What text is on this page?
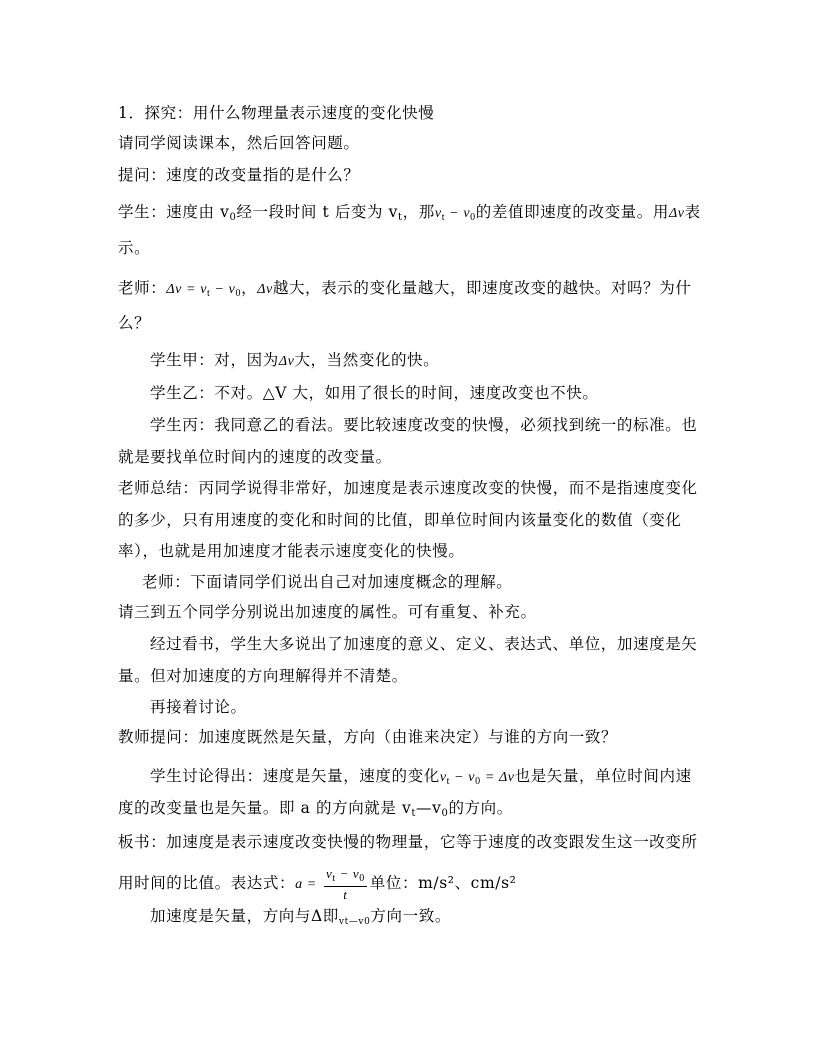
1．探究：用什么物理量表示速度的变化快慢
请同学阅读课本，然后回答问题。
提问：速度的改变量指的是什么？
学生：速度由 $v_0$经一段时间 t 后变为 $v_t$，那$v_t - v_0$的差值即速度的改变量。用Δv表
示。
老师：$\Delta v = v_t - v_0$，Δv越大，表示的变化量越大，即速度改变的越快。对吗？为什
么？
学生甲：对，因为Δv大，当然变化的快。
学生乙：不对。△V 大，如用了很长的时间，速度改变也不快。
学生丙：我同意乙的看法。要比较速度改变的快慢，必须找到统一的标准。也
就是要找单位时间内的速度的改变量。
老师总结：丙同学说得非常好，加速度是表示速度改变的快慢，而不是指速度变化
的多少，只有用速度的变化和时间的比值，即单位时间内该量变化的数值（变化
率），也就是用加速度才能表示速度变化的快慢。
老师：下面请同学们说出自己对加速度概念的理解。
请三到五个同学分别说出加速度的属性。可有重复、补充。
经过看书，学生大多说出了加速度的意义、定义、表达式、单位，加速度是矢
量。但对加速度的方向理解得并不清楚。
再接着讨论。
教师提问：加速度既然是矢量，方向（由谁来决定）与谁的方向一致？
学生讨论得出：速度是矢量，速度的变化$v_t - v_0 = \Delta v$也是矢量，单位时间内速
度的改变量也是矢量。即 a 的方向就是 $v_t—v_0$的方向。
板书：加速度是表示速度改变快慢的物理量，它等于速度的改变跟发生这一改变所
用时间的比值。表达式：$a = \frac{v_t - v_0}{t}$ 单位：m/s²、cm/s²
加速度是矢量，方向与Δ即vt—v0方向一致。
